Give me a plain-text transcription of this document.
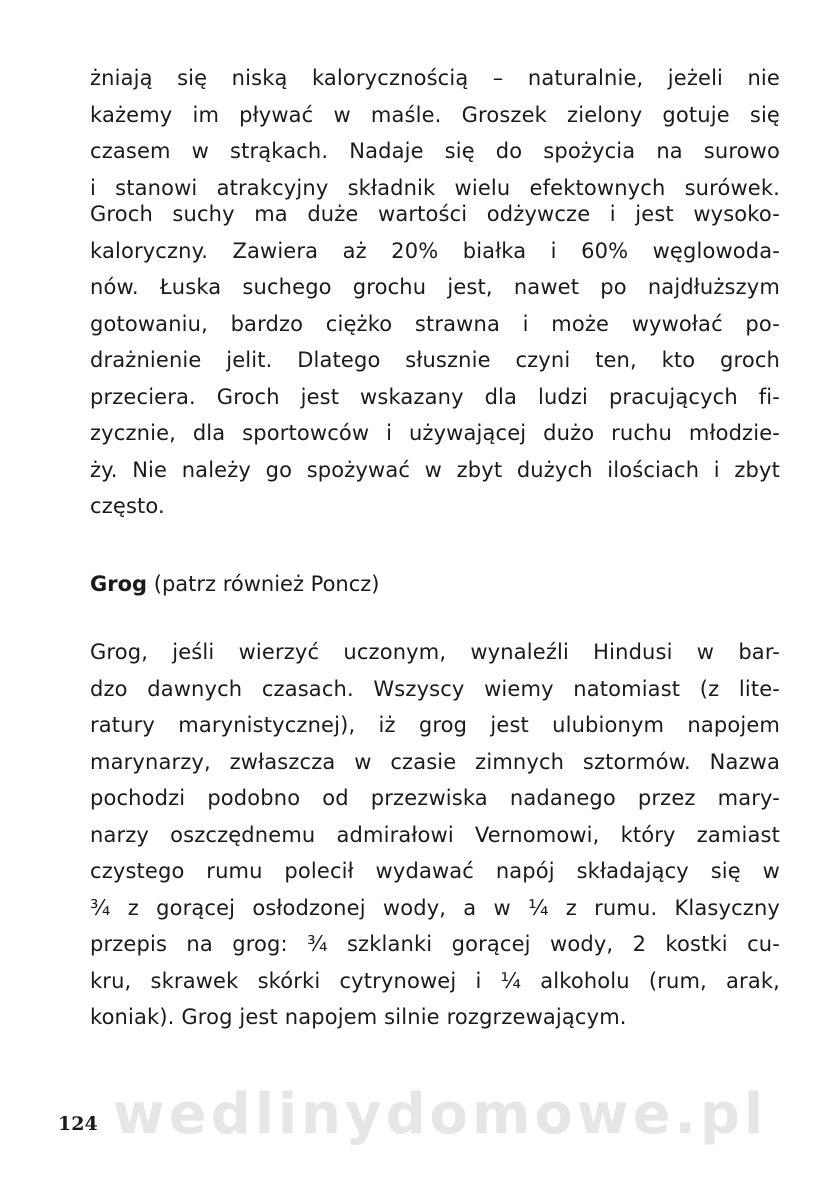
żniają się niską kalorycznością – naturalnie, jeżeli nie
każemy im pływać w maśle. Groszek zielony gotuje się
czasem w strąkach. Nadaje się do spożycia na surowo
i stanowi atrakcyjny składnik wielu efektownych surówek.
Groch suchy ma duże wartości odżywcze i jest wysoko-
kaloryczny. Zawiera aż 20% białka i 60% węglowoda-
nów. Łuska suchego grochu jest, nawet po najdłuższym
gotowaniu, bardzo ciężko strawna i może wywołać po-
drażnienie jelit. Dlatego słusznie czyni ten, kto groch
przeciera. Groch jest wskazany dla ludzi pracujących fi-
zycznie, dla sportowców i używającej dużo ruchu młodzie-
ży. Nie należy go spożywać w zbyt dużych ilościach i zbyt
często.
Grog (patrz również Poncz)
Grog, jeśli wierzyć uczonym, wynaleźli Hindusi w bar-
dzo dawnych czasach. Wszyscy wiemy natomiast (z lite-
ratury marynistycznej), iż grog jest ulubionym napojem
marynarzy, zwłaszcza w czasie zimnych sztormów. Nazwa
pochodzi podobno od przezwiska nadanego przez mary-
narzy oszczędnemu admirałowi Vernomowi, który zamiast
czystego rumu polecił wydawać napój składający się w
¾ z gorącej osłodzonej wody, a w ¼ z rumu. Klasyczny
przepis na grog: ¾ szklanki gorącej wody, 2 kostki cu-
kru, skrawek skórki cytrynowej i ¼ alkoholu (rum, arak,
koniak). Grog jest napojem silnie rozgrzewającym.
wedlinydomowe.pl
124
